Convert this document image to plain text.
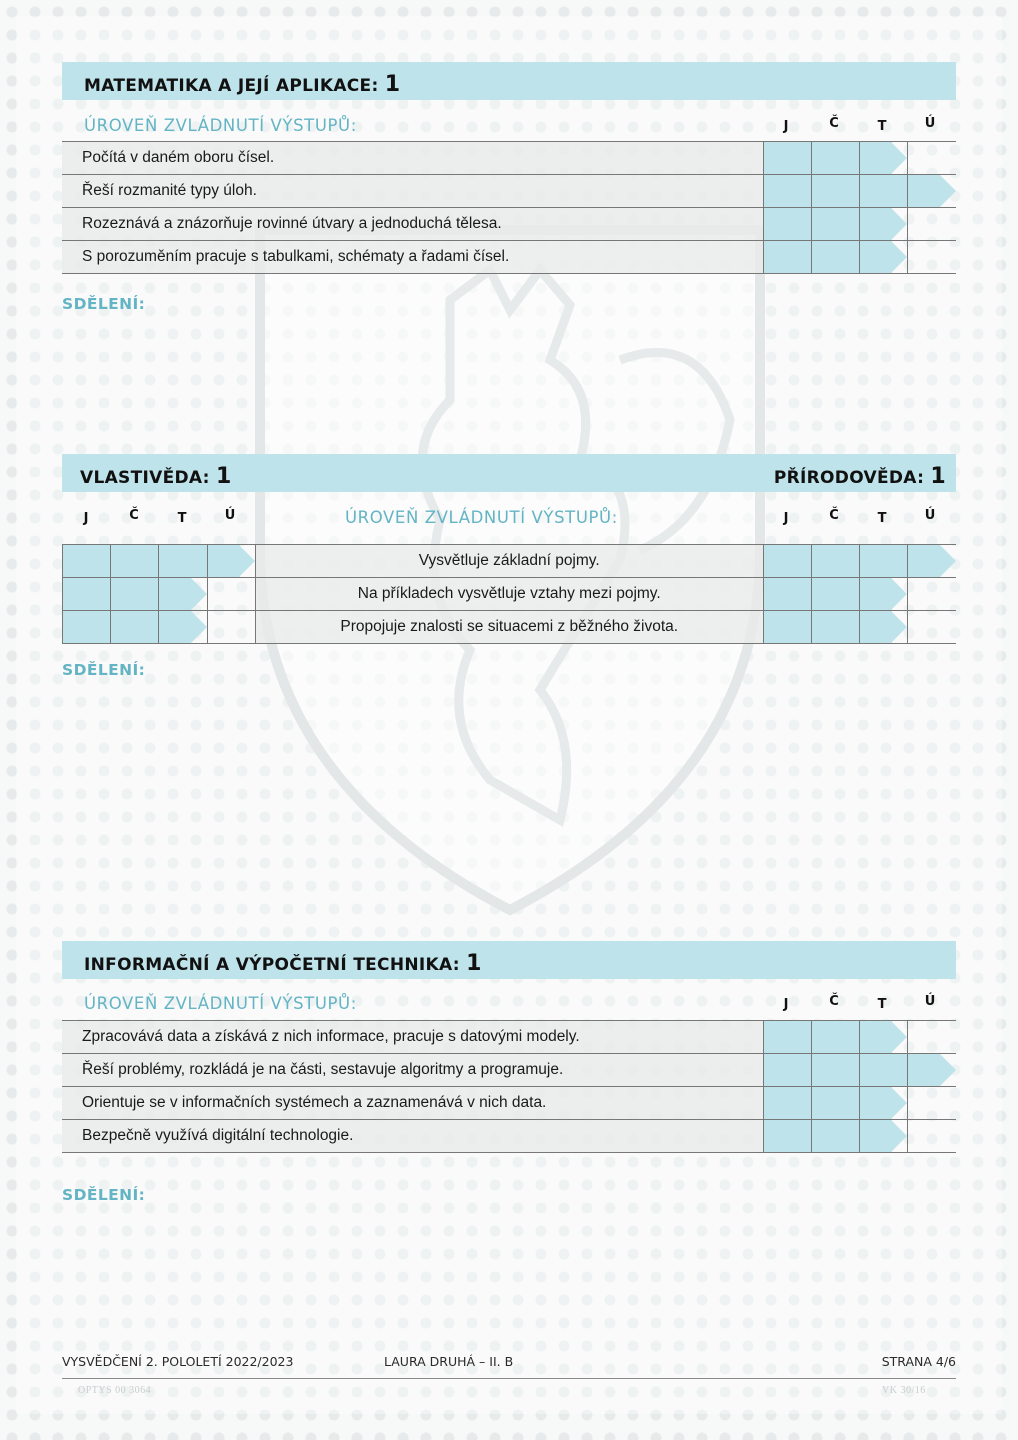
MATEMATIKA A JEJÍ APLIKACE: 1
ÚROVEŇ ZVLÁDNUTÍ VÝSTUPŮ:	J	Č	T	Ú
Počítá v daném oboru čísel.			

Řeší rozmanité typy úloh.				

Rozeznává a znázorňuje rovinné útvary a jednoduchá tělesa.			

S porozuměním pracuje s tabulkami, schématy a řadami čísel.			

SDĚLENÍ:
VLASTIVĚDA: 1	PŘÍRODOVĚDA: 1
J	Č	T	Ú	ÚROVEŇ ZVLÁDNUTÍ VÝSTUPŮ:	J	Č	T	Ú

	Vysvětluje základní pojmy.				

		Na příkladech vysvětluje vztahy mezi pojmy.			

		Propojuje znalosti se situacemi z běžného života.			

SDĚLENÍ:
INFORMAČNÍ A VÝPOČETNÍ TECHNIKA: 1
ÚROVEŇ ZVLÁDNUTÍ VÝSTUPŮ:	J	Č	T	Ú
Zpracovává data a získává z nich informace, pracuje s datovými modely.			

Řeší problémy, rozkládá je na části, sestavuje algoritmy a programuje.				

Orientuje se v informačních systémech a zaznamenává v nich data.			

Bezpečně využívá digitální technologie.			

SDĚLENÍ:
VYSVĚDČENÍ 2. POLOLETÍ 2022/2023	LAURA DRUHÁ – II. B	STRANA 4/6
OPTYS 00 3064	VK 30/16
